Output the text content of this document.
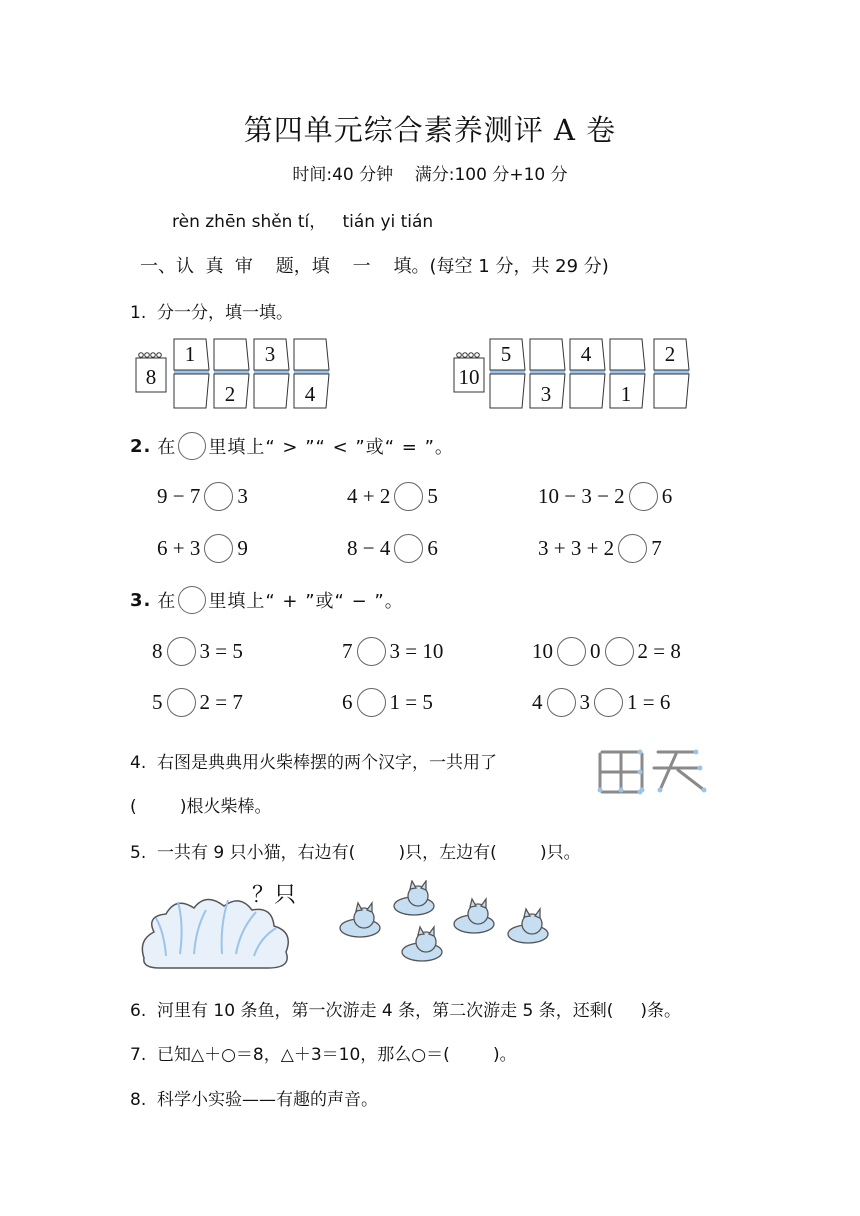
第四单元综合素养测评 A 卷
时间:40 分钟    满分:100 分+10 分
rèn zhēn shěn tí，   tián yi tián
一、认  真  审    题，填    一    填。(每空 1 分，共 29 分)
1.  分一分，填一填。
8
1
2
3
4
10
5
3
4
1
2
2. 在 里填上“ > ”“ < ”或“ = ”。
9 − 7 3	4 + 2 5	10 − 3 − 2 6
6 + 3 9	8 − 4 6	3 + 3 + 2 7
3. 在 里填上“ + ”或“ − ”。
8 3 = 5	7 3 = 10	10 0 2 = 8
5 2 = 7	6 1 = 5	4 3 1 = 6
4.  右图是典典用火柴棒摆的两个汉字，一共用了
(        )根火柴棒。
5.  一共有 9 只小猫，右边有(        )只，左边有(        )只。
？只
6.  河里有 10 条鱼，第一次游走 4 条，第二次游走 5 条，还剩(     )条。
7.  已知△＋○＝8，△＋3＝10，那么○＝(        )。
8.  科学小实验——有趣的声音。
